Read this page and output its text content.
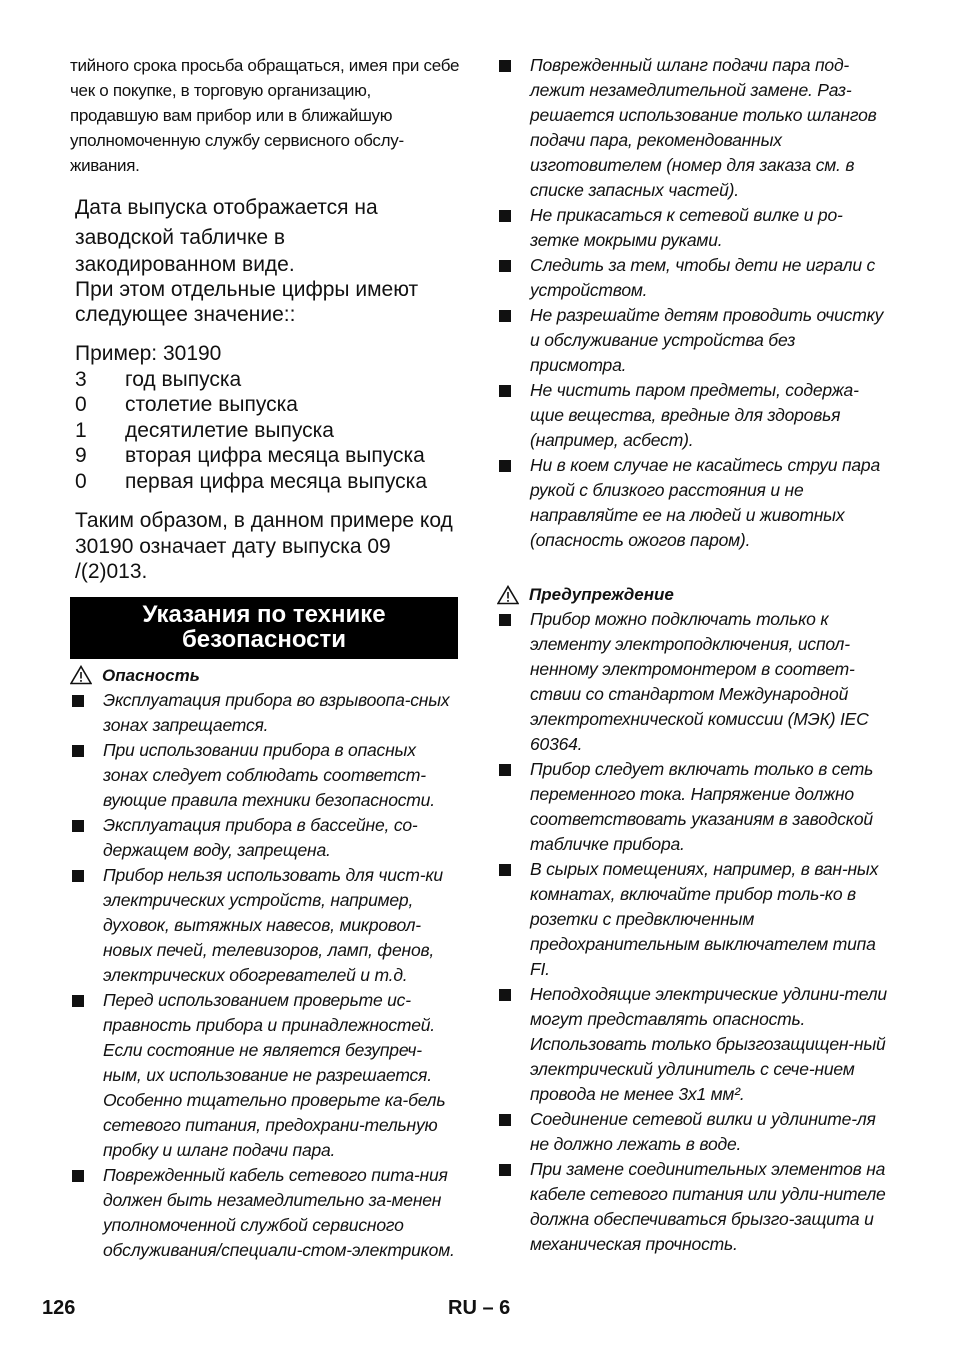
тийного срока просьба обращаться, имея при себе чек о покупке, в торговую организацию, продавшую вам прибор или в ближайшую уполномоченную службу сервисного обслу-живания.

Дата выпуска отображается на

заводской табличке в

закодированном виде.

При этом отдельные цифры имеют следующее значение::

Пример: 30190

3	год выпуска
0	столетие выпуска
1	десятилетие выпуска
9	вторая цифра месяца выпуска
0	первая цифра месяца выпуска

Таким образом, в данном примере код 30190 означает дату выпуска 09 /(2)013.

Указания по технике
безопасности
Опасность
Эксплуатация прибора во взрывоопа-сных зонах запрещается.
При использовании прибора в опасных зонах следует соблюдать соответст-вующие правила техники безопасности.
Эксплуатация прибора в бассейне, со-держащем воду, запрещена.
Прибор нельзя использовать для чист-ки электрических устройств, например, духовок, вытяжных навесов, микровол-новых печей, телевизоров, ламп, фенов, электрических обогревателей и т.д.
Перед использованием проверьте ис-правность прибора и принадлежностей. Если состояние не является безупреч-ным, их использование не разрешается. Особенно тщательно проверьте ка-бель сетевого питания, предохрани-тельную пробку и шланг подачи пара.
Поврежденный кабель сетевого пита-ния должен быть незамедлительно за-менен уполномоченной службой сервисного обслуживания/специали-стом-электриком.
Поврежденный шланг подачи пара под-лежит незамедлительной замене. Раз-решается использование только шлангов подачи пара, рекомендованных изготовителем (номер для заказа см. в списке запасных частей).
Не прикасаться к сетевой вилке и ро-зетке мокрыми руками.
Следить за тем, чтобы дети не играли с устройством.
Не разрешайте детям проводить очистку и обслуживание устройства без присмотра.
Не чистить паром предметы, содержа-щие вещества, вредные для здоровья (например, асбест).
Ни в коем случае не касайтесь струи пара рукой с близкого расстояния и не направляйте ее на людей и животных (опасность ожогов паром).
Предупреждение
Прибор можно подключать только к элементу электроподключения, испол-ненному электромонтером в соответ-ствии со стандартом Международной электротехнической комиссии (МЭК) IEC 60364.
Прибор следует включать только в сеть переменного тока. Напряжение должно соответствовать указаниям в заводской табличке прибора.
В сырых помещениях, например, в ван-ных комнатах, включайте прибор толь-ко в розетки с предвключенным предохранительным выключателем типа FI.
Неподходящие электрические удлини-тели могут представлять опасность. Использовать только брызгозащищен-ный электрический удлинитель с сече-нием провода не менее 3х1 мм².
Соединение сетевой вилки и удлините-ля не должно лежать в воде.
При замене соединительных элементов на кабеле сетевого питания или удли-нителе должна обеспечиваться брызго-защита и механическая прочность.
126	RU – 6
